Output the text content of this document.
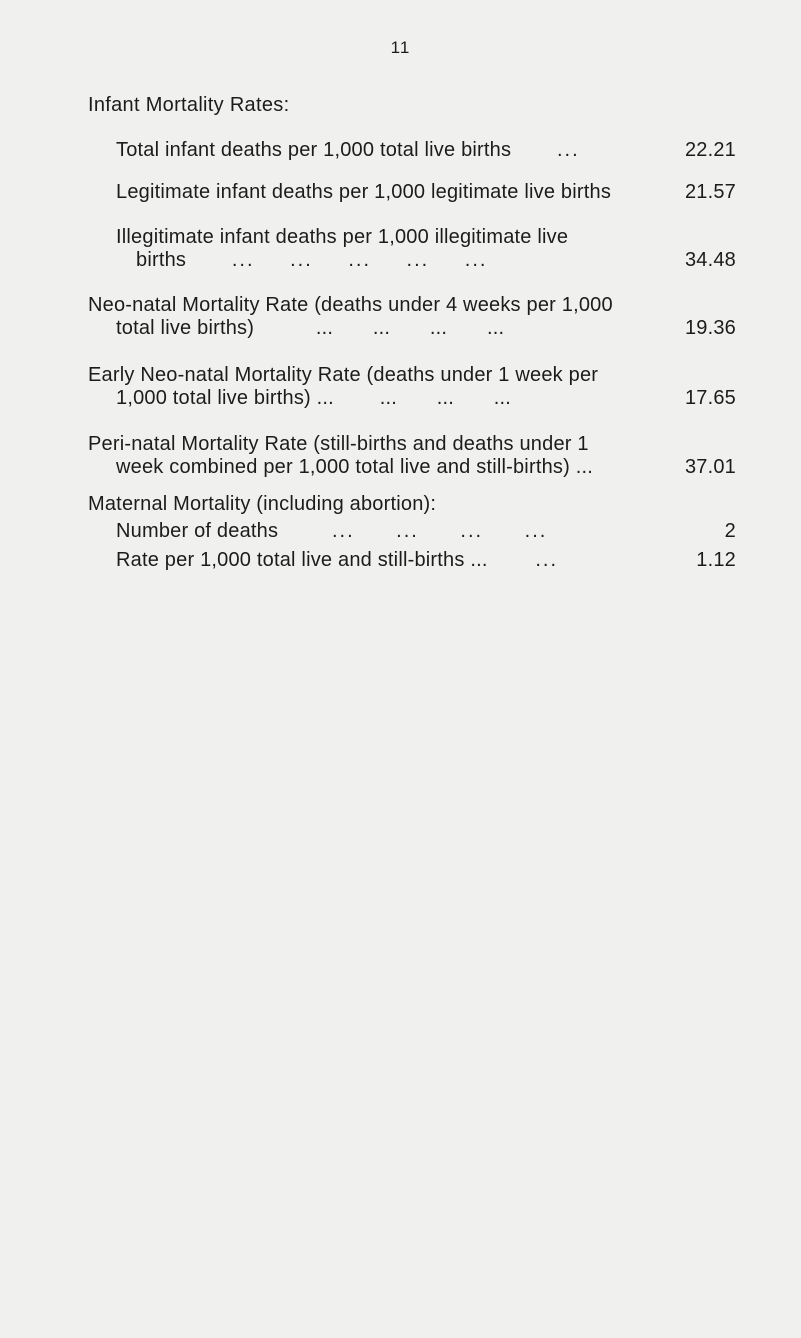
11
Infant Mortality Rates:
Total infant deaths per 1,000 total live births ...	22.21
Legitimate infant deaths per 1,000 legitimate live births	21.57
Illegitimate infant deaths per 1,000 illegitimate live
births ... ... ... ... ...	34.48
Neo-natal Mortality Rate (deaths under 4 weeks per 1,000
total live births)	... ... ... ...	19.36
Early Neo-natal Mortality Rate (deaths under 1 week per
1,000 total live births) ... ... ... ...	17.65
Peri-natal Mortality Rate (still-births and deaths under 1
week combined per 1,000 total live and still-births) ...	37.01
Maternal Mortality (including abortion):
Number of deaths	... ... ... ...	2
Rate per 1,000 total live and still-births ... ...	1.12
